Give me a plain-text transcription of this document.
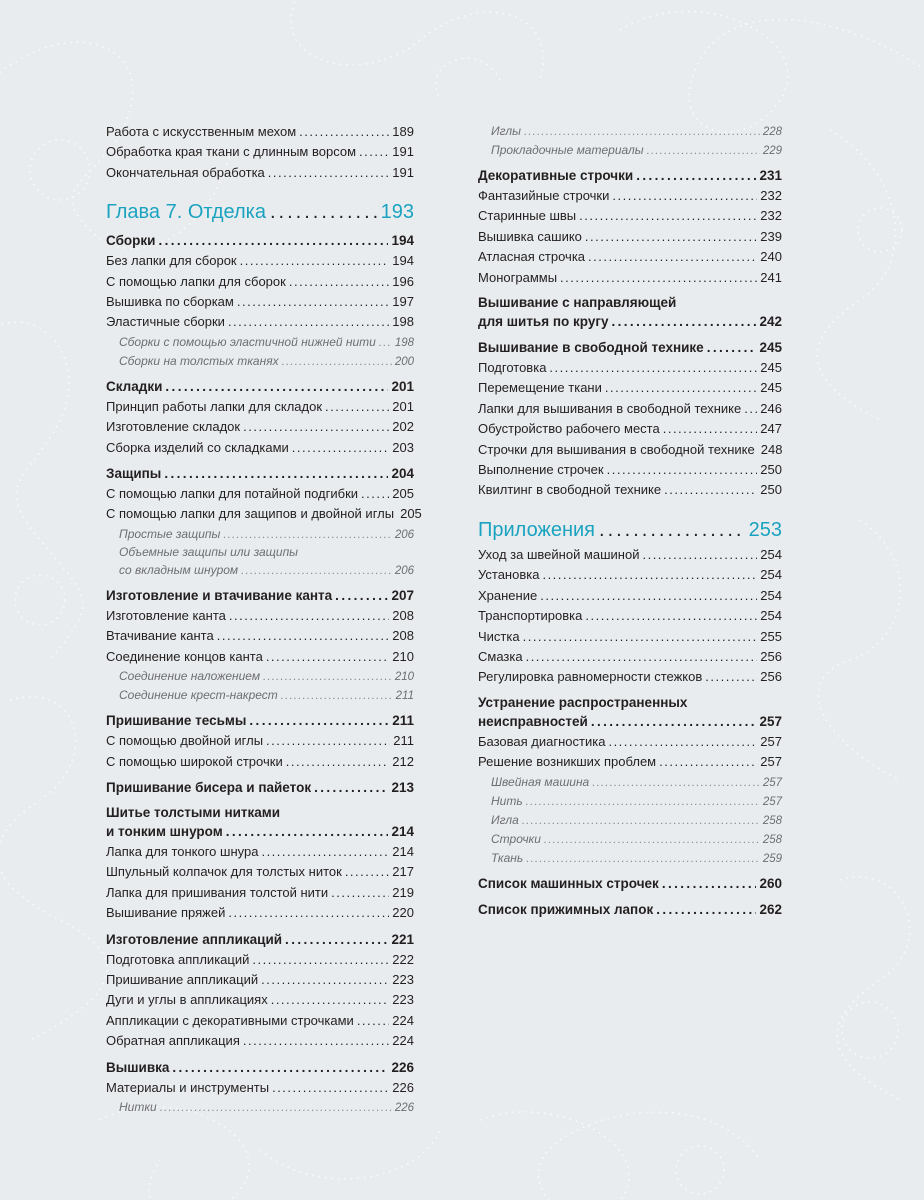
Работа с искусственным мехом .....	189
Обработка края ткани с длинным ворсом .....	191
Окончательная обработка .....	191
Глава 7. Отделка .....	193
Сборки .....	194
Без лапки для сборок .....	194
С помощью лапки для сборок .....	196
Вышивка по сборкам .....	197
Эластичные сборки .....	198
Сборки с помощью эластичной нижней нити ..... 198
Сборки на толстых тканях .....	200
Складки .....	201
Принцип работы лапки для складок .....	201
Изготовление складок .....	202
Сборка изделий со складками .....	203
Защипы .....	204
С помощью лапки для потайной подгибки .....	205
С помощью лапки для защипов и двойной иглы 205
Простые защипы .....	206
Объемные защипы или защипы
со вкладным шнуром .....	206
Изготовление и втачивание канта .....	207
Изготовление канта .....	208
Втачивание канта .....	208
Соединение концов канта .....	210
Соединение наложением .....	210
Соединение крест-накрест .....	211
Пришивание тесьмы .....	211
С помощью двойной иглы .....	211
С помощью широкой строчки .....	212
Пришивание бисера и пайеток .....	213
Шитье толстыми нитками
и тонким шнуром .....	214
Лапка для тонкого шнура .....	214
Шпульный колпачок для толстых ниток .....	217
Лапка для пришивания толстой нити .....	219
Вышивание пряжей .....	220
Изготовление аппликаций .....	221
Подготовка аппликаций .....	222
Пришивание аппликаций .....	223
Дуги и углы в аппликациях .....	223
Аппликации с декоративными строчками .....	224
Обратная аппликация .....	224
Вышивка .....	226
Материалы и инструменты .....	226
Нитки .....	226
Иглы .....	228
Прокладочные материалы .....	229
Декоративные строчки .....	231
Фантазийные строчки .....	232
Старинные швы .....	232
Вышивка сашико .....	239
Атласная строчка .....	240
Монограммы .....	241
Вышивание с направляющей
для шитья по кругу .....	242
Вышивание в свободной технике .....	245
Подготовка .....	245
Перемещение ткани .....	245
Лапки для вышивания в свободной технике ..... 246
Обустройство рабочего места .....	247
Строчки для вышивания в свободной технике 248
Выполнение строчек .....	250
Квилтинг в свободной технике .....	250
Приложения .....	253
Уход за швейной машиной .....	254
Установка .....	254
Хранение .....	254
Транспортировка .....	254
Чистка .....	255
Смазка .....	256
Регулировка равномерности стежков .....	256
Устранение распространенных
неисправностей .....	257
Базовая диагностика .....	257
Решение возникших проблем .....	257
Швейная машина .....	257
Нить .....	257
Игла .....	258
Строчки .....	258
Ткань .....	259
Список машинных строчек .....	260
Список прижимных лапок .....	262
